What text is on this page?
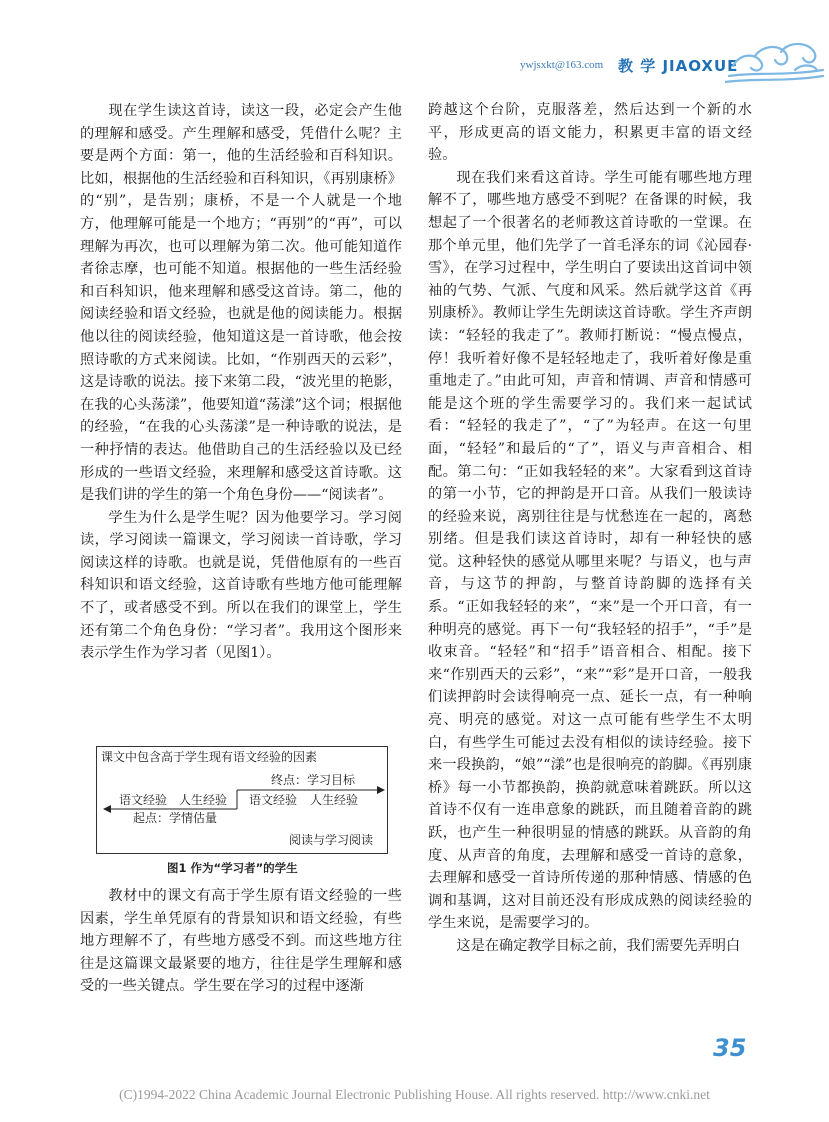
ywjsxkt@163.com 教 学 JIAOXUE

现在学生读这首诗，读这一段，必定会产生他的理解和感受。产生理解和感受，凭借什么呢？主要是两个方面：第一，他的生活经验和百科知识。比如，根据他的生活经验和百科知识，《再别康桥》的“别”，是告别；康桥，不是一个人就是一个地方，他理解可能是一个地方；“再别”的“再”，可以理解为再次，也可以理解为第二次。他可能知道作者徐志摩，也可能不知道。根据他的一些生活经验和百科知识，他来理解和感受这首诗。第二，他的阅读经验和语文经验，也就是他的阅读能力。根据他以往的阅读经验，他知道这是一首诗歌，他会按照诗歌的方式来阅读。比如，“作别西天的云彩”，这是诗歌的说法。接下来第二段，“波光里的艳影，在我的心头荡漾”，他要知道“荡漾”这个词；根据他的经验，“在我的心头荡漾”是一种诗歌的说法，是一种抒情的表达。他借助自己的生活经验以及已经形成的一些语文经验，来理解和感受这首诗歌。这是我们讲的学生的第一个角色身份——“阅读者”。

学生为什么是学生呢？因为他要学习。学习阅读，学习阅读一篇课文，学习阅读一首诗歌，学习阅读这样的诗歌。也就是说，凭借他原有的一些百科知识和语文经验，这首诗歌有些地方他可能理解不了，或者感受不到。所以在我们的课堂上，学生还有第二个角色身份：“学习者”。我用这个图形来表示学生作为学习者（见图1）。

课文中包含高于学生现有语文经验的因素
终点：学习目标
语文经验 人生经验 语文经验 人生经验
起点：学情估量
阅读与学习阅读
图1 作为“学习者”的学生

教材中的课文有高于学生原有语文经验的一些因素，学生单凭原有的背景知识和语文经验，有些地方理解不了，有些地方感受不到。而这些地方往往是这篇课文最紧要的地方，往往是学生理解和感受的一些关键点。学生要在学习的过程中逐渐

跨越这个台阶，克服落差，然后达到一个新的水平，形成更高的语文能力，积累更丰富的语文经验。

现在我们来看这首诗。学生可能有哪些地方理解不了，哪些地方感受不到呢？在备课的时候，我想起了一个很著名的老师教这首诗歌的一堂课。在那个单元里，他们先学了一首毛泽东的词《沁园春·雪》，在学习过程中，学生明白了要读出这首词中领袖的气势、气派、气度和风采。然后就学这首《再别康桥》。教师让学生先朗读这首诗歌。学生齐声朗读：“轻轻的我走了”。教师打断说：“慢点慢点，停！我听着好像不是轻轻地走了，我听着好像是重重地走了。”由此可知，声音和情调、声音和情感可能是这个班的学生需要学习的。我们来一起试试看：“轻轻的我走了”，“了”为轻声。在这一句里面，“轻轻”和最后的“了”，语义与声音相合、相配。第二句：“正如我轻轻的来”。大家看到这首诗的第一小节，它的押韵是开口音。从我们一般读诗的经验来说，离别往往是与忧愁连在一起的，离愁别绪。但是我们读这首诗时，却有一种轻快的感觉。这种轻快的感觉从哪里来呢？与语义，也与声音，与这节的押韵，与整首诗韵脚的选择有关系。“正如我轻轻的来”，“来”是一个开口音，有一种明亮的感觉。再下一句“我轻轻的招手”，“手”是收束音。“轻轻”和“招手”语音相合、相配。接下来“作别西天的云彩”，“来”“彩”是开口音，一般我们读押韵时会读得响亮一点、延长一点，有一种响亮、明亮的感觉。对这一点可能有些学生不太明白，有些学生可能过去没有相似的读诗经验。接下来一段换韵，“娘”“漾”也是很响亮的韵脚。《再别康桥》每一小节都换韵，换韵就意味着跳跃。所以这首诗不仅有一连串意象的跳跃，而且随着音韵的跳跃，也产生一种很明显的情感的跳跃。从音韵的角度、从声音的角度，去理解和感受一首诗的意象，去理解和感受一首诗所传递的那种情感、情感的色调和基调，这对目前还没有形成成熟的阅读经验的学生来说，是需要学习的。

这是在确定教学目标之前，我们需要先弄明白

35
(C)1994-2022 China Academic Journal Electronic Publishing House. All rights reserved. http://www.cnki.net
